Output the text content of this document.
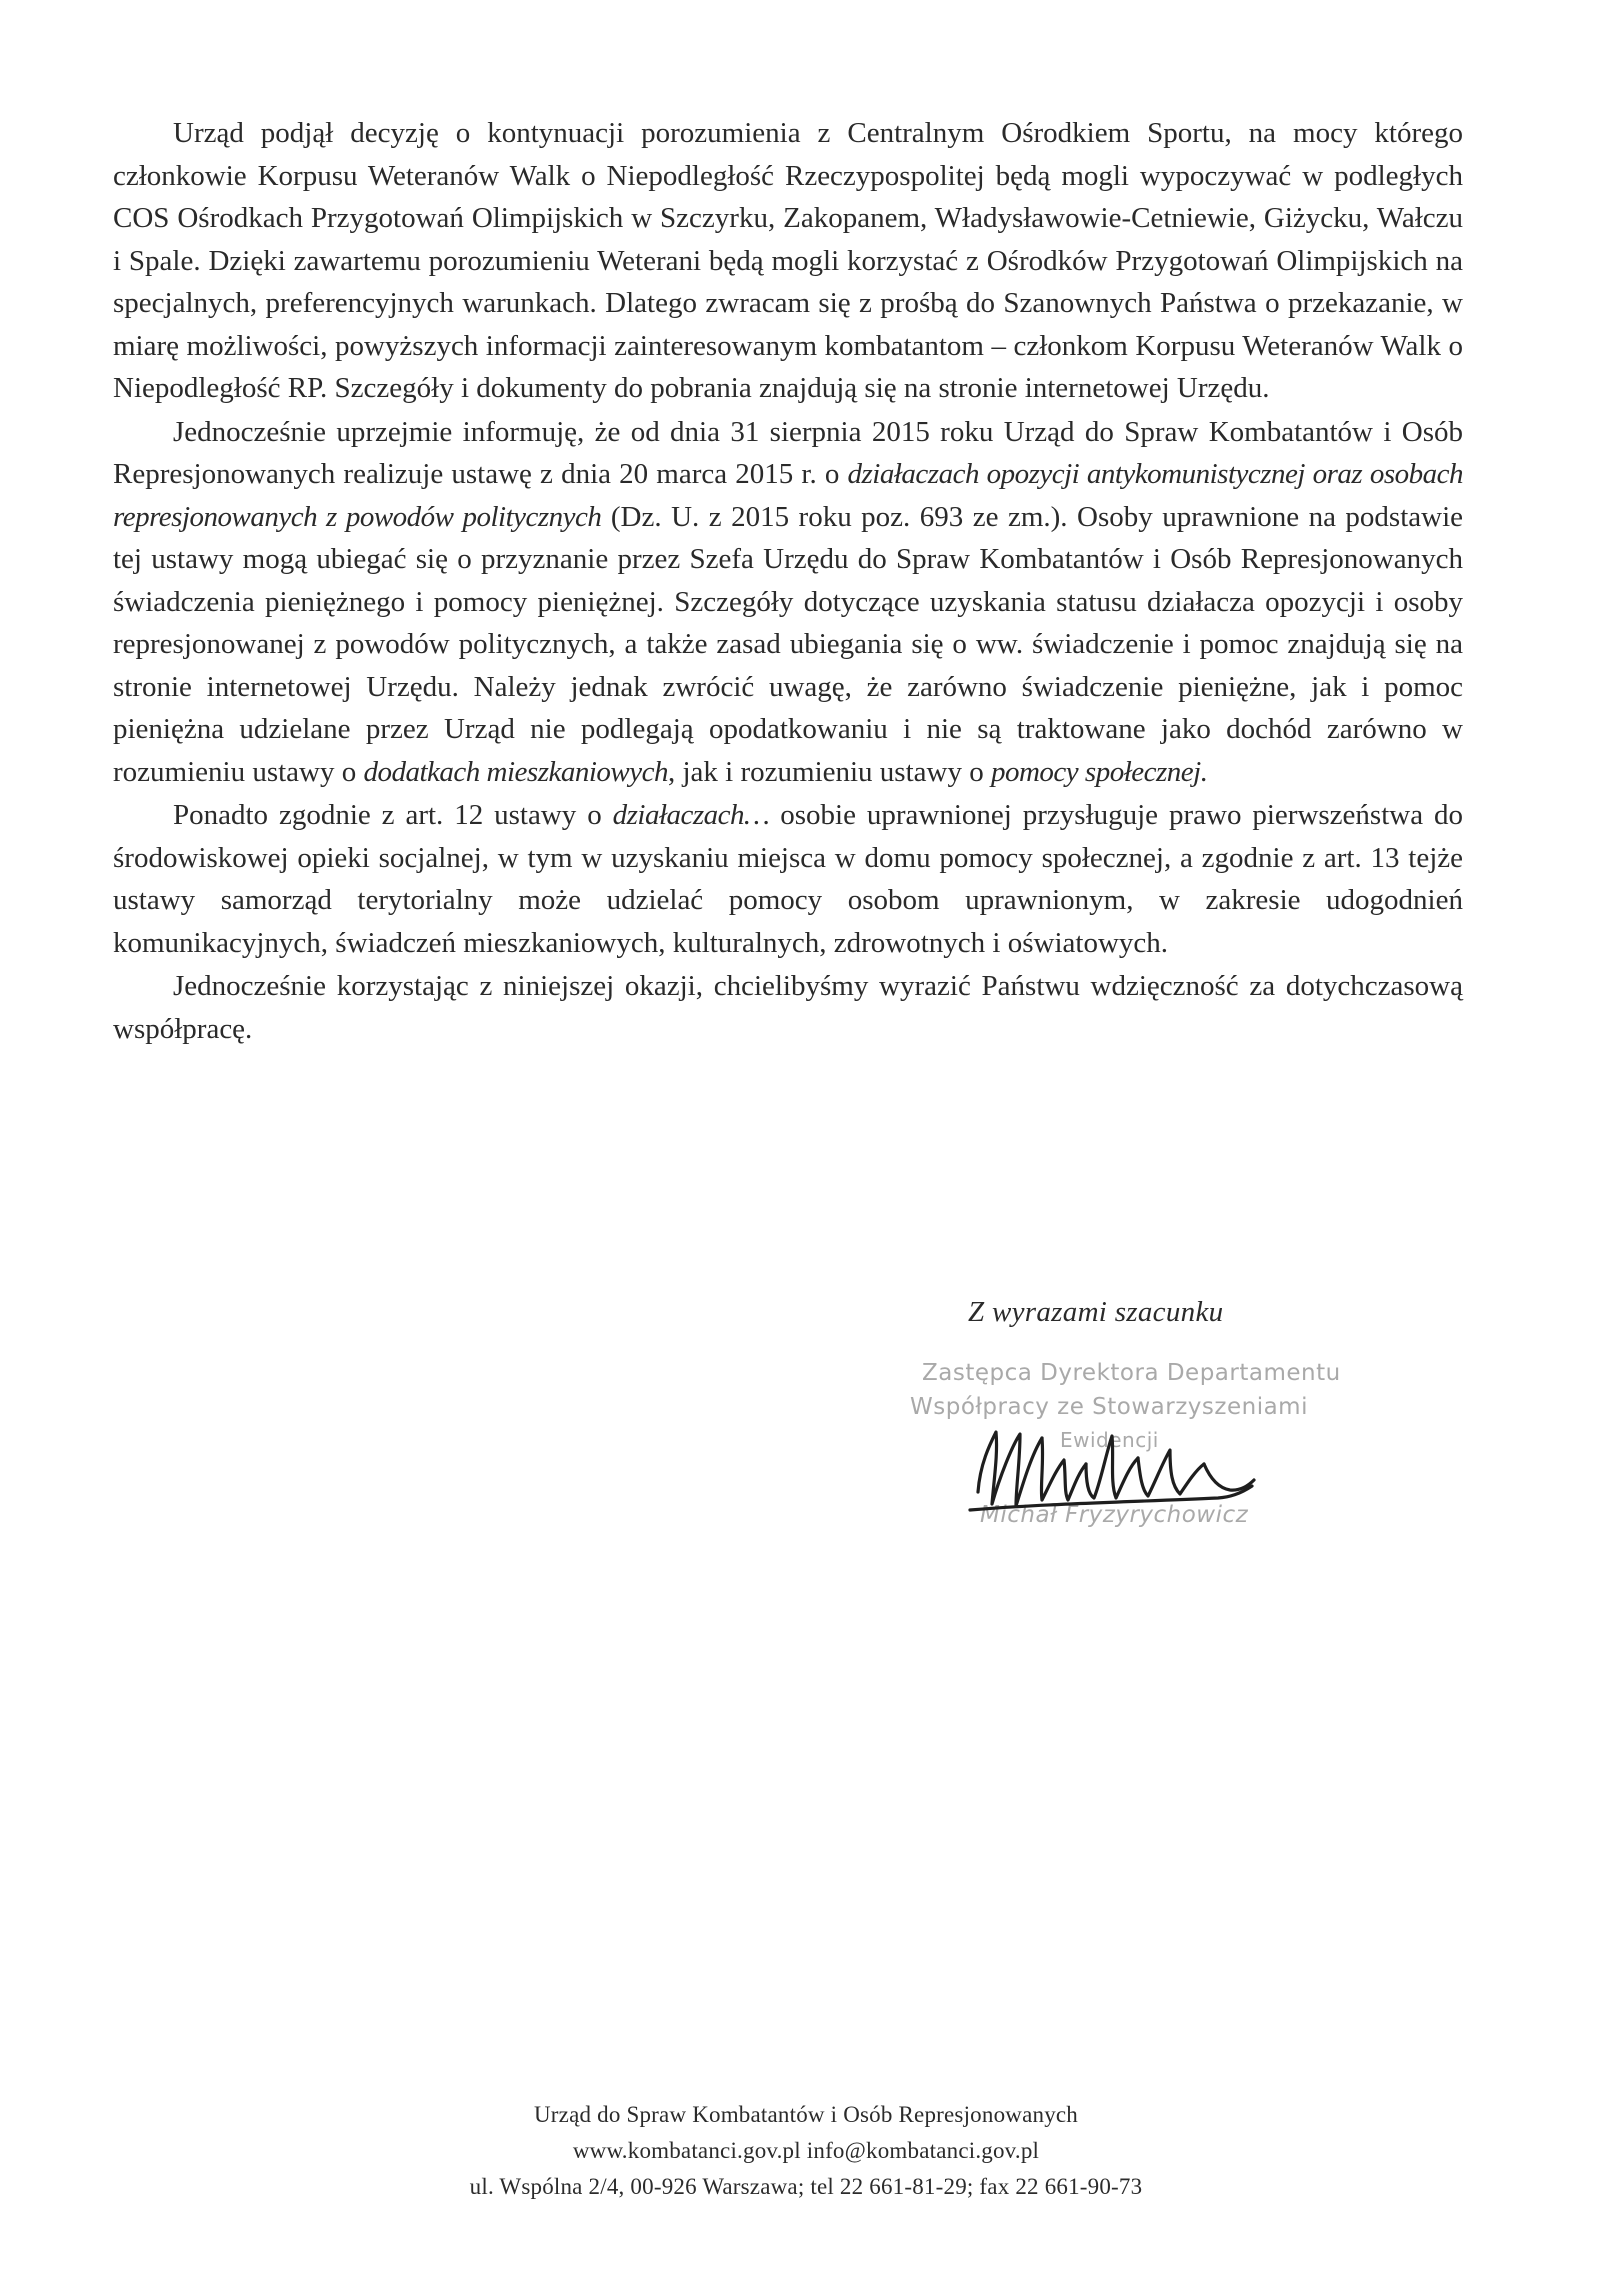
Urząd podjął decyzję o kontynuacji porozumienia z Centralnym Ośrodkiem Sportu, na mocy którego członkowie Korpusu Weteranów Walk o Niepodległość Rzeczypospolitej będą mogli wypoczywać w podległych COS Ośrodkach Przygotowań Olimpijskich w Szczyrku, Zakopanem, Władysławowie-Cetniewie, Giżycku, Wałczu i Spale. Dzięki zawartemu porozumieniu Weterani będą mogli korzystać z Ośrodków Przygotowań Olimpijskich na specjalnych, preferencyjnych warunkach. Dlatego zwracam się z prośbą do Szanownych Państwa o przekazanie, w miarę możliwości, powyższych informacji zainteresowanym kombatantom – członkom Korpusu Weteranów Walk o Niepodległość RP. Szczegóły i dokumenty do pobrania znajdują się na stronie internetowej Urzędu.

Jednocześnie uprzejmie informuję, że od dnia 31 sierpnia 2015 roku Urząd do Spraw Kombatantów i Osób Represjonowanych realizuje ustawę z dnia 20 marca 2015 r. o działaczach opozycji antykomunistycznej oraz osobach represjonowanych z powodów politycznych (Dz. U. z 2015 roku poz. 693 ze zm.). Osoby uprawnione na podstawie tej ustawy mogą ubiegać się o przyznanie przez Szefa Urzędu do Spraw Kombatantów i Osób Represjonowanych świadczenia pieniężnego i pomocy pieniężnej. Szczegóły dotyczące uzyskania statusu działacza opozycji i osoby represjonowanej z powodów politycznych, a także zasad ubiegania się o ww. świadczenie i pomoc znajdują się na stronie internetowej Urzędu. Należy jednak zwrócić uwagę, że zarówno świadczenie pieniężne, jak i pomoc pieniężna udzielane przez Urząd nie podlegają opodatkowaniu i nie są traktowane jako dochód zarówno w rozumieniu ustawy o dodatkach mieszkaniowych, jak i rozumieniu ustawy o pomocy społecznej.

Ponadto zgodnie z art. 12 ustawy o działaczach… osobie uprawnionej przysługuje prawo pierwszeństwa do środowiskowej opieki socjalnej, w tym w uzyskaniu miejsca w domu pomocy społecznej, a zgodnie z art. 13 tejże ustawy samorząd terytorialny może udzielać pomocy osobom uprawnionym, w zakresie udogodnień komunikacyjnych, świadczeń mieszkaniowych, kulturalnych, zdrowotnych i oświatowych.

Jednocześnie korzystając z niniejszej okazji, chcielibyśmy wyrazić Państwu wdzięczność za dotychczasową współpracę.

Z wyrazami szacunku
Zastępca Dyrektora Departamentu
Współpracy ze Stowarzyszeniami
Ewidencji
Michał Fryzyrychowicz
Urząd do Spraw Kombatantów i Osób Represjonowanych
www.kombatanci.gov.pl info@kombatanci.gov.pl
ul. Wspólna 2/4, 00-926 Warszawa; tel 22 661-81-29; fax 22 661-90-73
